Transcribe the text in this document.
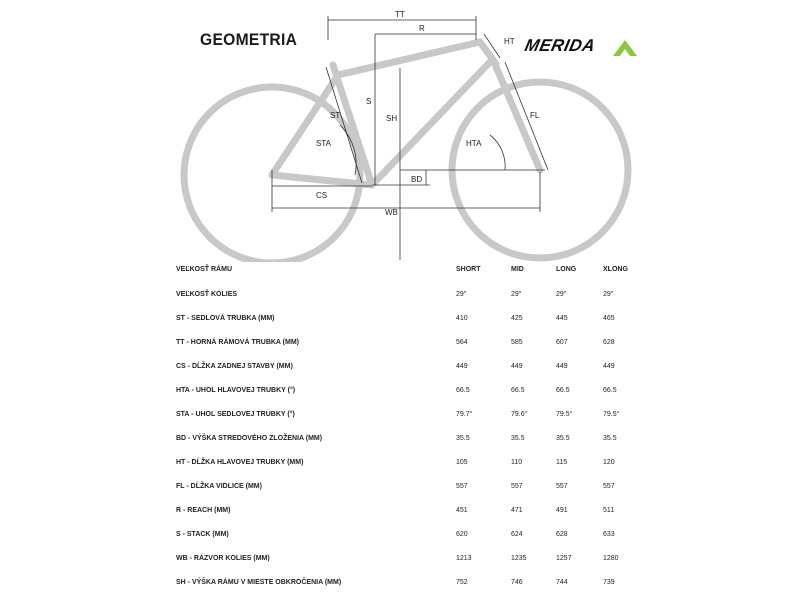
GEOMETRIA	MERIDA
TT
R
HT
S
ST	SH
STA	HTA
FL
BD
CS
WB
VEĽKOSŤ RÁMU	SHORT	MID	LONG	XLONG
VEĽKOSŤ KOLIES	29"	29"	29"	29"
ST - SEDLOVÁ TRUBKA (MM)	410	425	445	465
TT - HORNÁ RÁMOVÁ TRUBKA (MM)	564	585	607	628
CS - DĹŽKA ZADNEJ STAVBY (MM)	449	449	449	449
HTA - UHOL HLAVOVEJ TRUBKY (°)	66.5	66.5	66.5	66.5
STA - UHOL SEDLOVEJ TRUBKY (°)	79.7°	79.6°	79.5°	79.5°
BD - VÝŠKA STREDOVÉHO ZLOŽENIA (MM)	35.5	35.5	35.5	35.5
HT - DĹŽKA HLAVOVEJ TRUBKY (MM)	105	110	115	120
FL - DĹŽKA VIDLICE (MM)	557	557	557	557
R - REACH (MM)	451	471	491	511
S - STACK (MM)	620	624	628	633
WB - RÁZVOR KOLIES (MM)	1213	1235	1257	1280
SH - VÝŠKA RÁMU V MIESTE OBKROČENIA (MM)	752	746	744	739
